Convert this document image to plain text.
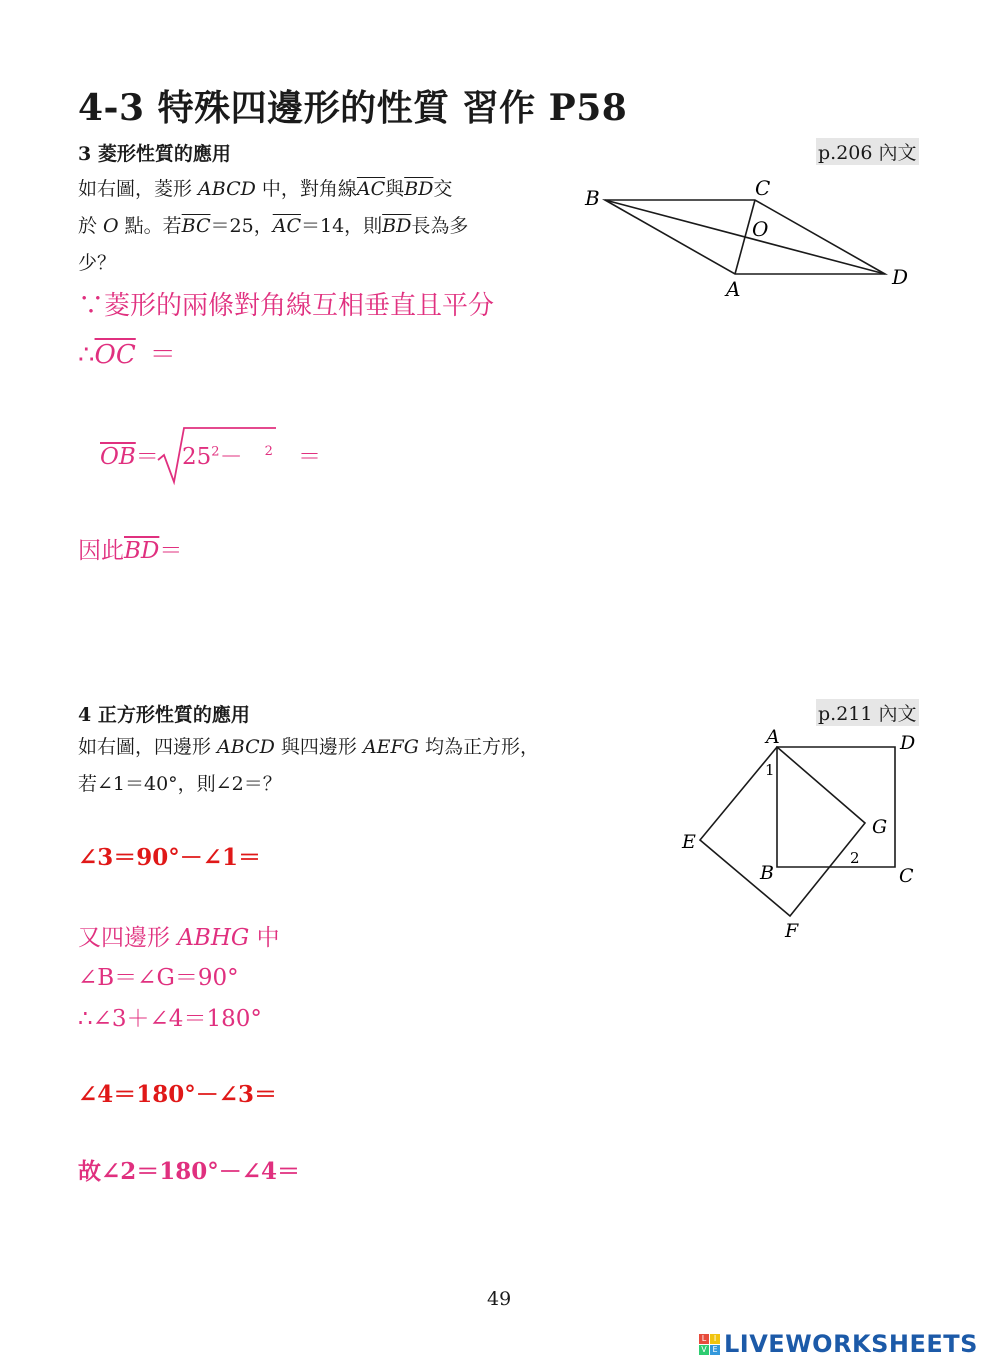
4-3 特殊四邊形的性質 習作 P58
3 菱形性質的應用	p.206 內文
如右圖，菱形 ABCD 中，對角線$\overline{AC}$與$\overline{BD}$交
於 O 點。若$\overline{BC}=25$，$\overline{AC}=14$，則$\overline{BD}$長為多
少？
B	C
O
A	D
∵菱形的兩條對角線互相垂直且平分
$\therefore\overline{OC}$ ＝
$\overline{OB}= 25^2- ^2$ ＝
因此$\overline{BD}=$
4 正方形性質的應用	p.211 內文
如右圖，四邊形 ABCD 與四邊形 AEFG 均為正方形，
若∠1＝40°，則∠2＝？
A	D
E
G
B	C
F
1
2
∠3＝90°－∠1＝
又四邊形 ABHG 中
∠B＝∠G＝90°
∴∠3＋∠4＝180°
∠4＝180°－∠3＝
故∠2＝180°－∠4＝
49
L I
V E LIVEWORKSHEETS
